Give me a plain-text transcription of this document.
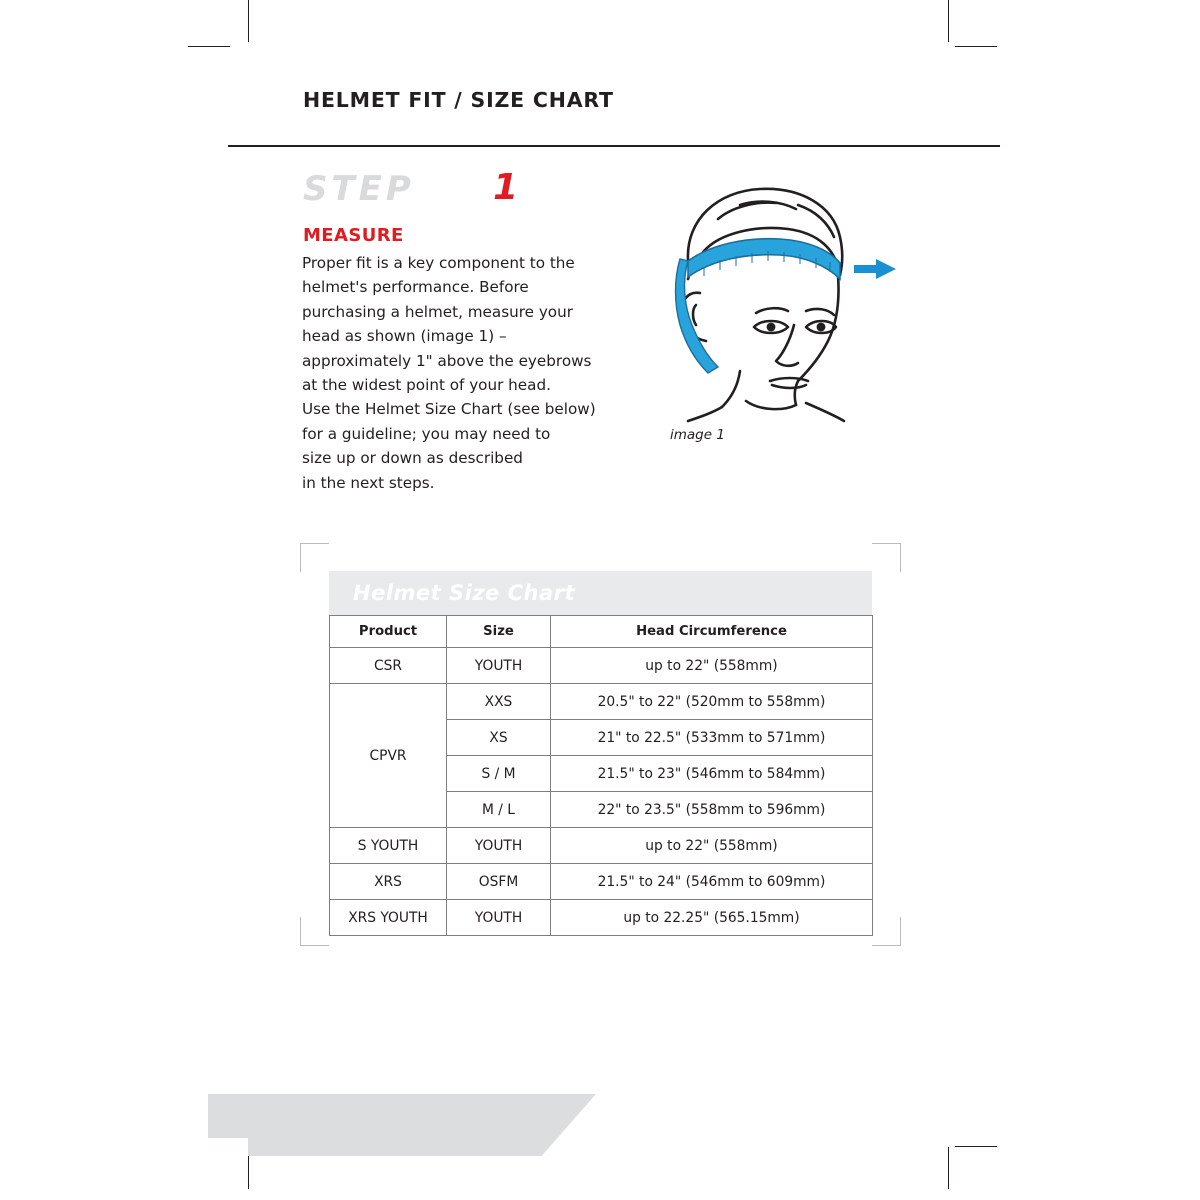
HELMET FIT / SIZE CHART
STEP 1
MEASURE
Proper fit is a key component to the
helmet's performance. Before
purchasing a helmet, measure your
head as shown (image 1) –
approximately 1" above the eyebrows
at the widest point of your head.
Use the Helmet Size Chart (see below)
for a guideline; you may need to
size up or down as described
in the next steps.
image 1
Helmet Size Chart
Product	Size	Head Circumference
CSR	YOUTH	up to 22" (558mm)
CPVR	XXS	20.5" to 22" (520mm to 558mm)
	XS	21" to 22.5" (533mm to 571mm)
	S / M	21.5" to 23" (546mm to 584mm)
	M / L	22" to 23.5" (558mm to 596mm)
S YOUTH	YOUTH	up to 22" (558mm)
XRS	OSFM	21.5" to 24" (546mm to 609mm)
XRS YOUTH	YOUTH	up to 22.25" (565.15mm)
